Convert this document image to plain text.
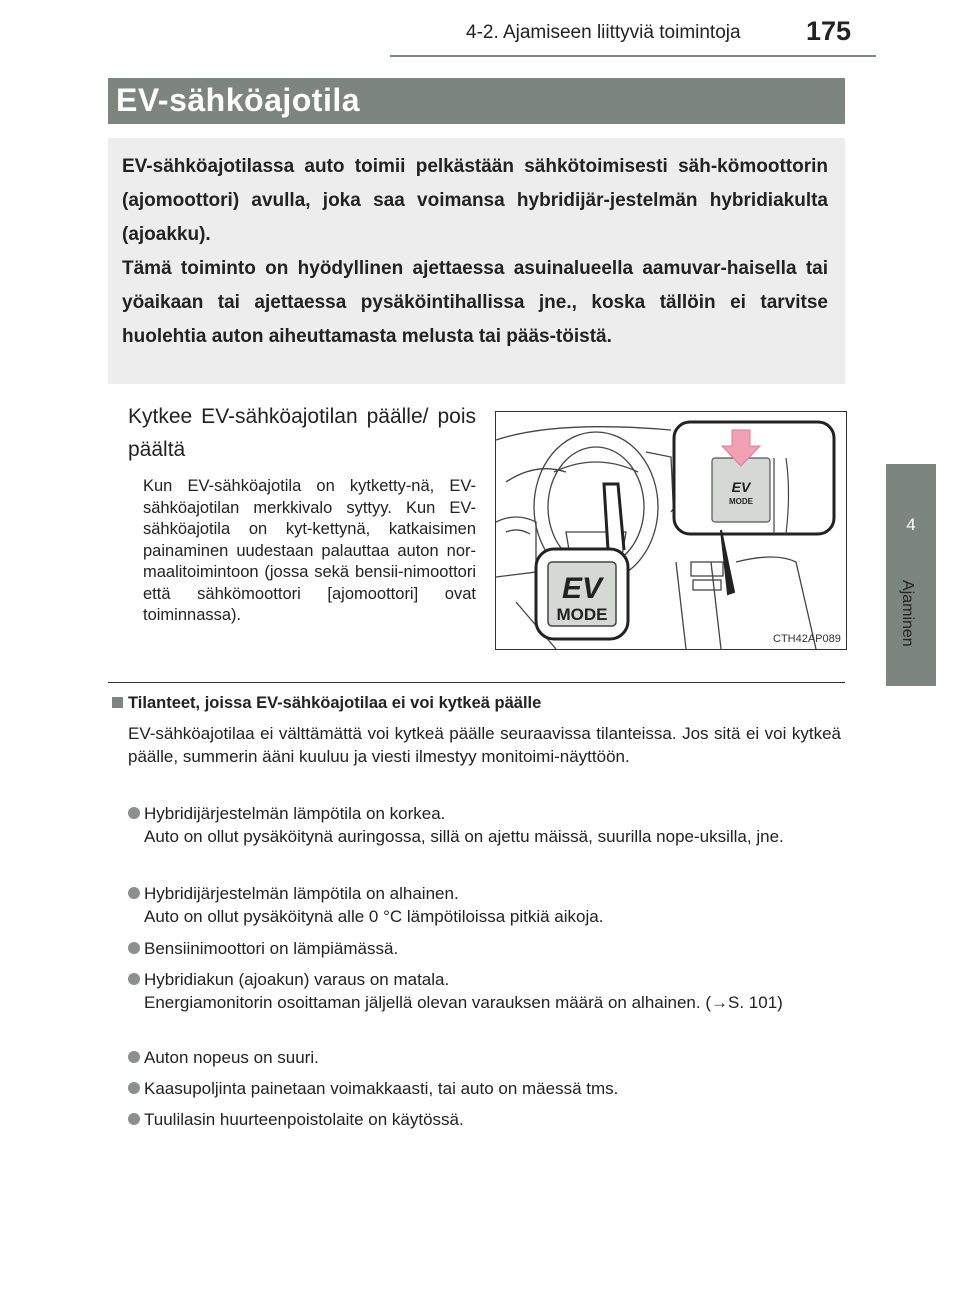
4-2. Ajamiseen liittyviä toimintoja 175
4
Ajaminen
EV-sähköajotila

EV-sähköajotilassa auto toimii pelkästään sähkötoimisesti säh-kömoottorin (ajomoottori) avulla, joka saa voimansa hybridijär-jestelmän hybridiakulta (ajoakku).

Tämä toiminto on hyödyllinen ajettaessa asuinalueella aamuvar-haisella tai yöaikaan tai ajettaessa pysäköintihallissa jne., koska tällöin ei tarvitse huolehtia auton aiheuttamasta melusta tai pääs-töistä.

Kytkee EV-sähköajotilan päälle/ pois päältä

Kun EV-sähköajotila on kytketty-nä, EV-sähköajotilan merkkivalo syttyy. Kun EV-sähköajotila on kyt-kettynä, katkaisimen painaminen uudestaan palauttaa auton nor-maalitoimintoon (jossa sekä bensii-nimoottori että sähkömoottori [ajomoottori] ovat toiminnassa).

EV
MODE
EV
MODE
CTH42AP089
Tilanteet, joissa EV-sähköajotilaa ei voi kytkeä päälle

EV-sähköajotilaa ei välttämättä voi kytkeä päälle seuraavissa tilanteissa. Jos sitä ei voi kytkeä päälle, summerin ääni kuuluu ja viesti ilmestyy monitoimi-näyttöön.

Hybridijärjestelmän lämpötila on korkea.
Auto on ollut pysäköitynä auringossa, sillä on ajettu mäissä, suurilla nope-uksilla, jne.
Hybridijärjestelmän lämpötila on alhainen.
Auto on ollut pysäköitynä alle 0 °C lämpötiloissa pitkiä aikoja.
Bensiinimoottori on lämpiämässä.
Hybridiakun (ajoakun) varaus on matala.
Energiamonitorin osoittaman jäljellä olevan varauksen määrä on alhainen. (→S. 101)
Auton nopeus on suuri.
Kaasupoljinta painetaan voimakkaasti, tai auto on mäessä tms.
Tuulilasin huurteenpoistolaite on käytössä.
